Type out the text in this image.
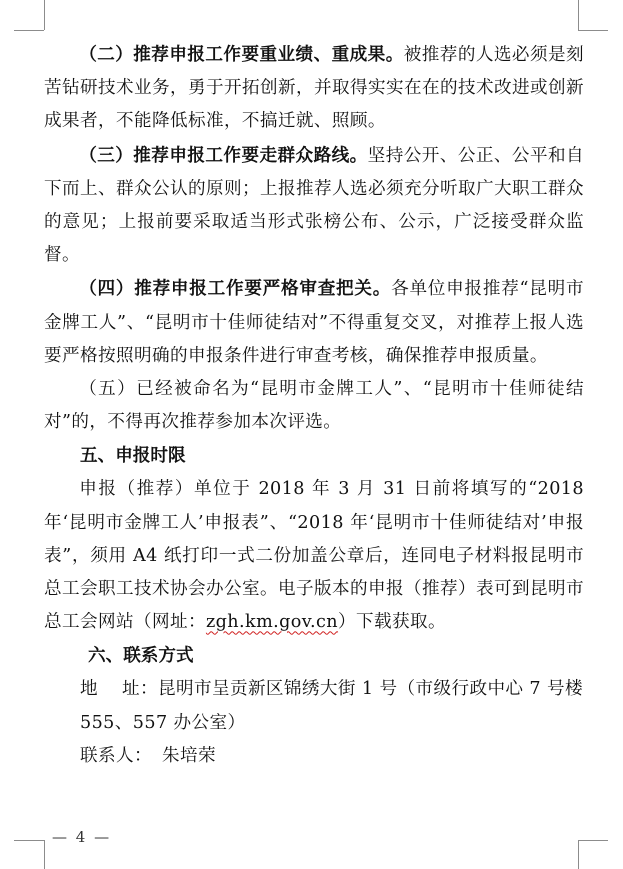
（二）推荐申报工作要重业绩、重成果。被推荐的人选必须是刻苦钻研技术业务，勇于开拓创新，并取得实实在在的技术改进或创新成果者，不能降低标准，不搞迁就、照顾。

（三）推荐申报工作要走群众路线。坚持公开、公正、公平和自下而上、群众公认的原则；上报推荐人选必须充分听取广大职工群众的意见；上报前要采取适当形式张榜公布、公示，广泛接受群众监督。

（四）推荐申报工作要严格审查把关。各单位申报推荐“昆明市金牌工人”、“昆明市十佳师徒结对”不得重复交叉，对推荐上报人选要严格按照明确的申报条件进行审查考核，确保推荐申报质量。

（五）已经被命名为“昆明市金牌工人”、“昆明市十佳师徒结对”的，不得再次推荐参加本次评选。

五、申报时限

申报（推荐）单位于 2018 年 3 月 31 日前将填写的“2018 年‘昆明市金牌工人’申报表”、“2018 年‘昆明市十佳师徒结对’申报表”，须用 A4 纸打印一式二份加盖公章后，连同电子材料报昆明市总工会职工技术协会办公室。电子版本的申报（推荐）表可到昆明市总工会网站（网址：zgh.km.gov.cn）下载获取。

六、联系方式

地　 址：昆明市呈贡新区锦绣大街 1 号（市级行政中心 7 号楼 555、557 办公室）

联系人： 朱培荣

— 4 —
